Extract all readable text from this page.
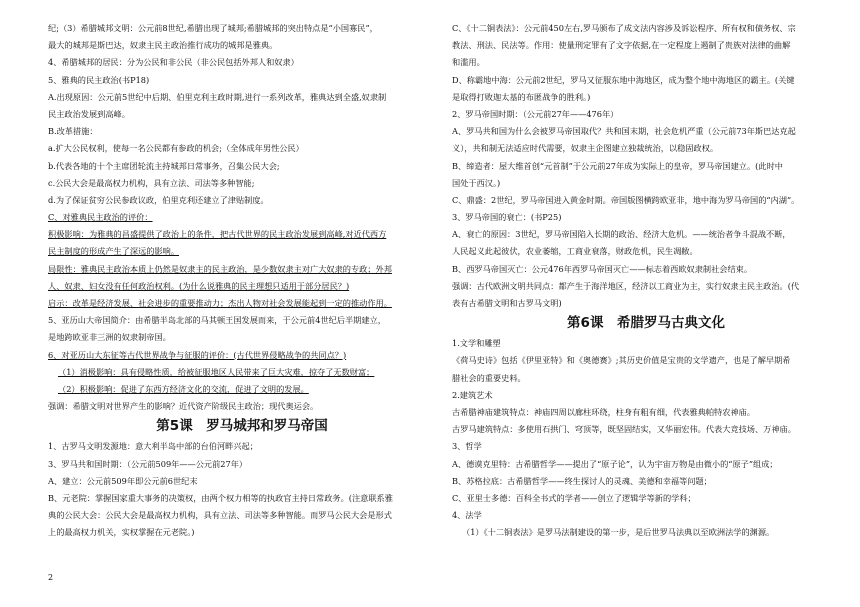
纪;（3）希腊城邦文明：公元前8世纪,希腊出现了城邦;希腊城邦的突出特点是“小国寡民”，
最大的城邦是斯巴达，奴隶主民主政治推行成功的城邦是雅典。
4、希腊城邦的居民：分为公民和非公民（非公民包括外邦人和奴隶）
5、雅典的民主政治(书P18)
A.出现原因：公元前5世纪中后期、伯里克利主政时期,进行一系列改革，雅典达到全盛,奴隶制
民主政治发展到高峰。
B.改革措施：
a.扩大公民权利，使每一名公民都有参政的机会;（全体成年男性公民）
b.代表各地的十个主席团轮流主持城邦日常事务，召集公民大会;
c.公民大会是最高权力机构，具有立法、司法等多种智能;
d.为了保证贫穷公民参政议政，伯里克利还建立了津贴制度。
C、对雅典民主政治的评价：
积极影响：为雅典的昌盛提供了政治上的条件，把古代世界的民主政治发展到高峰,对近代西方
民主制度的形成产生了深远的影响。
局限性：雅典民主政治本质上仍然是奴隶主的民主政治，是少数奴隶主对广大奴隶的专政；外邦
人、奴隶、妇女没有任何政治权利。(为什么说雅典的民主理想只适用于部分居民？)
启示：改革是经济发展、社会进步的重要推动力；杰出人物对社会发展能起到一定的推动作用。
5、亚历山大帝国简介：由希腊半岛北部的马其顿王国发展而来，于公元前4世纪后半期建立，
是地跨欧亚非三洲的奴隶制帝国。
6、对亚历山大东征等古代世界战争与征服的评价：(古代世界侵略战争的共同点？)
（1）消极影响：具有侵略性质，给被征服地区人民带来了巨大灾难，掠夺了无数财富；
（2）积极影响：促进了东西方经济文化的交流，促进了文明的发展。
强调：希腊文明对世界产生的影响？近代资产阶级民主政治；现代奥运会。
第5课　罗马城邦和罗马帝国
1、古罗马文明发源地：意大利半岛中部的台伯河畔兴起；
3、罗马共和国时期：（公元前509年——公元前27年）
A、建立：公元前509年即公元前6世纪末
B、元老院：掌握国家重大事务的决策权，由两个权力相等的执政官主持日常政务。(注意联系雅
典的公民大会：公民大会是最高权力机构，具有立法、司法等多种智能。而罗马公民大会是形式
上的最高权力机关，实权掌握在元老院。)
C、《十二铜表法》：公元前450左右,罗马颁布了成文法内容涉及诉讼程序、所有权和债务权、宗
教法、刑法、民法等。作用：使量刑定罪有了文字依据,在一定程度上遏制了贵族对法律的曲解
和滥用。
D、称霸地中海：公元前2世纪，罗马又征服东地中海地区，成为整个地中海地区的霸主。(关键
是取得打败迦太基的布匿战争的胜利。)
2、罗马帝国时期：（公元前27年——476年）
A、罗马共和国为什么会被罗马帝国取代？共和国末期，社会危机严重（公元前73年斯巴达克起
义），共和制无法适应时代需要，奴隶主企图建立独裁统治，以稳固政权。
B、缔造者：屋大维首创“元首制”于公元前27年成为实际上的皇帝，罗马帝国建立。(此时中
国处于西汉。)
C、鼎盛：2世纪，罗马帝国进入黄金时期。帝国版图横跨欧亚非，地中海为罗马帝国的“内湖”。
3、罗马帝国的衰亡：(书P25)
A、衰亡的原因：3世纪，罗马帝国陷入长期的政治、经济大危机。——统治者争斗混战不断，
人民起义此起彼伏，农业萎缩，工商业衰落，财政危机，民生凋敝。
B、西罗马帝国灭亡：公元476年西罗马帝国灭亡——标志着西欧奴隶制社会结束。
强调：古代欧洲文明共同点：都产生于海洋地区，经济以工商业为主，实行奴隶主民主政治。(代
表有古希腊文明和古罗马文明)
第6课　希腊罗马古典文化
1.文学和雕塑
《荷马史诗》包括《伊里亚特》和《奥德赛》;其历史价值是宝贵的文学遗产，也是了解早期希
腊社会的重要史料。
2.建筑艺术
古希腊神庙建筑特点：神庙四周以廊柱环绕，柱身有粗有细，代表雅典帕特农神庙。
古罗马建筑特点：多使用石拱门、穹顶等，既坚固结实，又华丽宏伟。代表大竞技场、万神庙。
3、哲学
A、德谟克里特：古希腊哲学——提出了“原子论”，认为宇宙万物是由微小的“原子”组成；
B、苏格拉底：古希腊哲学——终生探讨人的灵魂、美德和幸福等问题；
C、亚里士多德：百科全书式的学者——创立了逻辑学等新的学科；
4、法学
（1）《十二铜表法》是罗马法制建设的第一步，是后世罗马法典以至欧洲法学的渊源。
2
